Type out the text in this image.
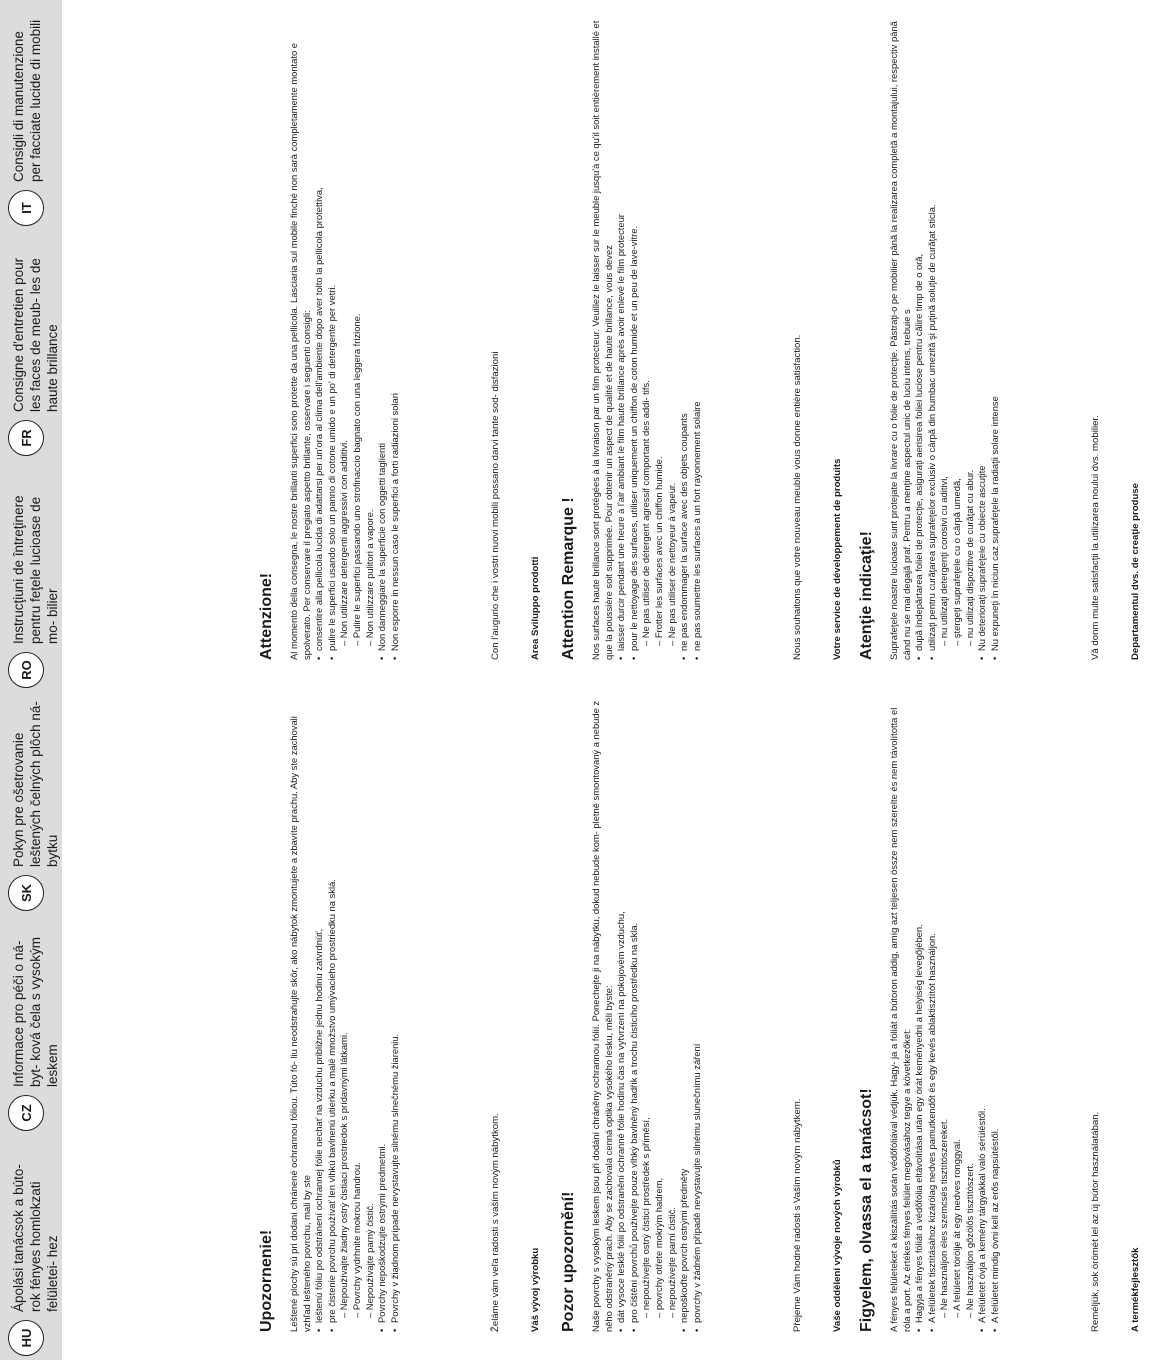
IT
Consigli di manutenzione per facciate lucide di mobili
FR
Consigne d'entretien pour les faces de meub- les de haute brillance
RO
Instrucţiuni de întreţinere pentru feţele lucioase de mo- bilier
SK
Pokyn pre ošetrovanie leštených čelných plôch ná- bytku
CZ
Informace pro péči o ná- byt- ková čela s vysokým leskem
HU
Ápolási tanácsok a búto- rok fényes homlokzati felületei- hez
Attenzione! Al momento della consegna, le nostre brillanti superfici sono protette da una pellicola. Lasciaria sul mobile finché non sarà completamente montato e spolverato. Per conservare il pregiato aspetto brillante, osservare i seguenti consigli: • consentire alla pellicola lucida di adattarsi per un'ora al clima dell'ambiente dopo aver tolto la pellicola protettiva, • pulire le superfici usando solo un panno di cotone umido e un po' di detergente per vetri. – Non utilizzare detergenti aggressivi con additivi. – Pulire le superfici passando uno strofinaccio bagnato con una leggera frizione. – Non utilizzare pulitori a vapore. • Non danneggiare la superficie con oggetti taglienti • Non esporre in nessun caso le superfici a forti radiazioni solari	Con l'augurio che i vostri nuovi mobili possano darvi tante sod- disfazioni	Area Sviluppo prodotti Attention Remarque ! Nos surfaces haute brillance sont protégées à la livraison par un film protecteur. Veuillez le laisser sur le meuble jusqu'à ce qu'il soit entièrement installé et que la poussière soit supprimée. Pour obtenir un aspect de qualité et de haute brillance, vous devez • laisser durcir pendant une heure à l'air ambiant le film haute brillance après avoir enlevé le film protecteur • pour le nettoyage des surfaces, utiliser uniquement un chiffon de coton humide et un peu de lave-vitre. – Ne pas utiliser de détergent agressif comportant des addi- tifs. – Frotter les surfaces avec un chiffon humide. – Ne pas utiliser de nettoyeur à vapeur. • ne pas endommager la surface avec des objets coupants • ne pas soumettre les surfaces à un fort rayonnement solaire	Nous souhaitons que votre nouveau meuble vous donne entière satisfaction.	Votre service de développement de produits Atenţie indicaţie! Suprafeţele noastre lucioase sunt protejate la livrare cu o folie de protecţie. Păstraţi-o pe mobilier până la realizarea completă a montajului, respectiv până când nu se mai degajă praf. Pentru a menţine aspectul unic de luciu intens, trebuie s • după îndepărtarea foliei de protecţie, asiguraţi aerisirea foliei luciose pentru călire timp de o oră, • utilizaţi pentru curăţarea suprafeţelor exclusiv o cârpă din bumbac umezită şi puţină soluţie de curăţat sticla. – nu utilizaţi detergenţi corosivi cu aditivi, – ştergeţi suprafeţele cu o cârpă umedă, – nu utilizaţi dispozitive de curăţat cu abur. • Nu deterioraţi suprafeţele cu obiecte ascuţite • Nu expuneţi în niciun caz suprafeţele la radiaţii solare intense	Vă donm multe satisfacţii la utilizarea noului dvs. mobilier.	Departamentul dvs. de creaţie produse
Upozornenie! Leštené plochy sú pri dodaní chránené ochrannou fóliou. Túto fó- liu neodstraňujte skôr, ako nábytok zmontujete a zbavíte prachu. Aby ste zachovali vzhľad lešteného povrchu, mali by ste • leštenú fóliu po odstránení ochrannej fólie nechať na vzduchu približne jednu hodinu zatvrdnúť, • pre čistenie povrchu používať len vlhkú bavlnenú utierku a malé množstvo umývacieho prostriedku na sklá. – Nepoužívajte žiadny ostrý čistiaci prostriedok s prídavnými látkami. – Povrchy vydrhnite mokrou handrou. – Nepoužívajte parný čistič. • Povrchy nepoškodzujte ostrými predmetmi. • Povrchy v žiadnom prípade nevystavujte silnému slnečnému žiareniu.	Želáme vám veľa radosti s vaším novým nábytkom.	Váš vývoj výrobku Pozor upozornění! Naše povrchy s vysokým leskem jsou při dodání chráněny ochrannou fólií. Ponechejte ji na nábytku, dokud nebude kom- pletně smontovaný a nebude z něho odstraněný prach. Aby se zachovala cenná optika vysokého lesku, měli byste: • dát vysoce lesklé fólii po odstranění ochranné fólie hodinu čas na vytvrzení na pokojovém vzduchu, • pro čištění povrchů používejte pouze vlhký bavlněný hadřík a trochu čisticího prostředku na skla. – nepoužívejte ostrý čisticí prostředek s příměsí, – povrchy otřete mokrým hadrem, – nepoužívejte parní čistič. • nepoškoďte povrch ostrými předměty • povrchy v žádném případě nevystavujte silnému slunečnímu záření	Přejeme Vám hodně radosti s Vaším novým nábytkem.	Vaše oddělení vývoje nových výrobků Figyelem, olvassa el a tanácsot! A fényes felületeket a kiszállítás során védőfóliával védjük. Hagy- ja a fóliát a bútoron addig, amíg azt teljesen össze nem szerelte és nem távolította el róla a port. Az értékes fényes felület megóvásához tegye a következőket: • Hagyja a fényes fóliát a védőfólia eltávolítása után egy órát keményedni a helyiség levegőjében. • A felületek tisztításához kizárólag nedves pamutkendőt és egy kevés ablaktisztítót használjon. – Ne használjon éles szemcsés tisztítószereket. – A felületet törölje át egy nedves ronggyal. – Ne használjon gőzölős tisztítószert. • A felületet óvja a kemény tárgyakkal való sérüléstől. • A felületet mindig óvni kell az erős napsütéstől.	Reméljük, sok örömét lel az új bútor használatában.	A termékfejlesztők
